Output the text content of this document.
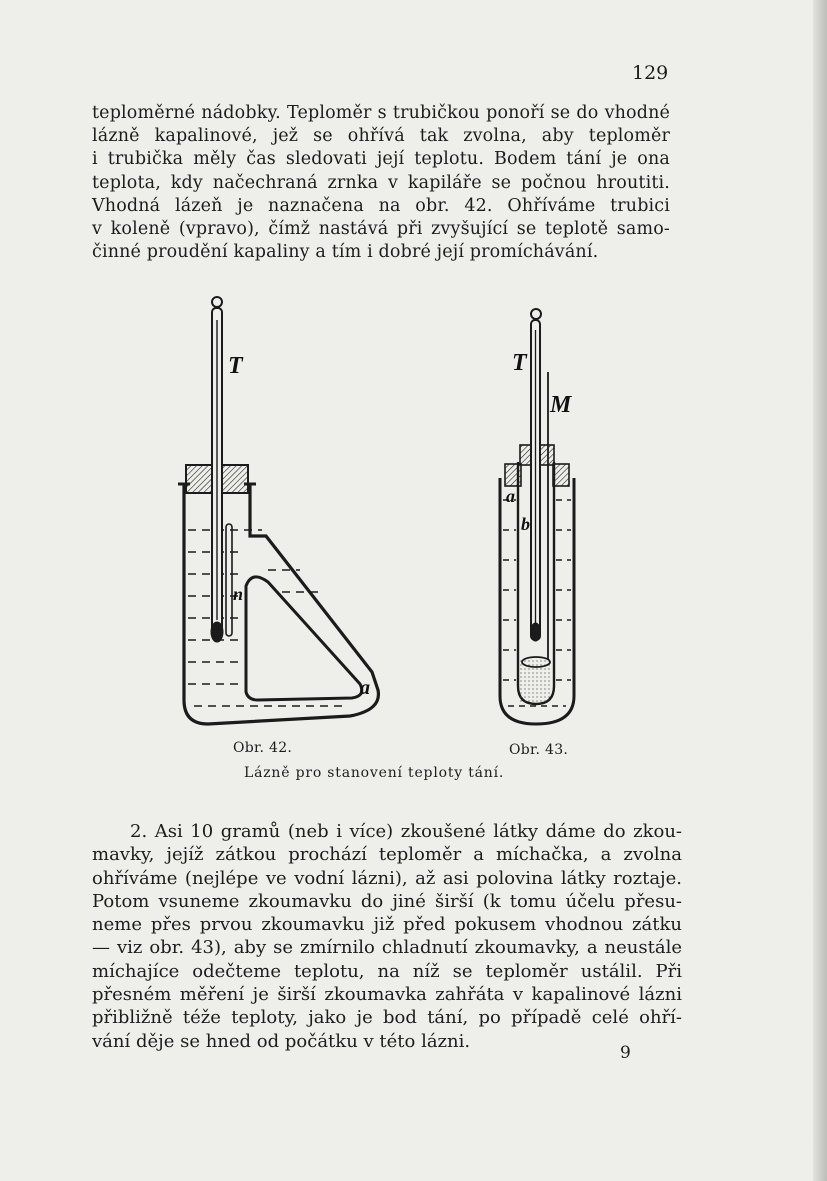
129
teploměrné nádobky. Teploměr s trubičkou ponoří se do vhodné
lázně kapalinové, jež se ohřívá tak zvolna, aby teploměr
i trubička měly čas sledovati její teplotu. Bodem tání je ona
teplota, kdy načechraná zrnka v kapiláře se počnou hroutiti.
Vhodná lázeň je naznačena na obr. 42. Ohříváme trubici
v koleně (vpravo), čímž nastává při zvyšující se teplotě samo-
činné proudění kapaliny a tím i dobré její promíchávání.
T
n
a
T
M
b
a
Obr. 42.	Obr. 43.
Lázně pro stanovení teploty tání.
2. Asi 10 gramů (neb i více) zkoušené látky dáme do zkou-
mavky, jejíž zátkou prochází teploměr a míchačka, a zvolna
ohříváme (nejlépe ve vodní lázni), až asi polovina látky roztaje.
Potom vsuneme zkoumavku do jiné širší (k tomu účelu přesu-
neme přes prvou zkoumavku již před pokusem vhodnou zátku
— viz obr. 43), aby se zmírnilo chladnutí zkoumavky, a neustále
míchajíce odečteme teplotu, na níž se teploměr ustálil. Při
přesném měření je širší zkoumavka zahřáta v kapalinové lázni
přibližně téže teploty, jako je bod tání, po případě celé ohří-
vání děje se hned od počátku v této lázni.
9
